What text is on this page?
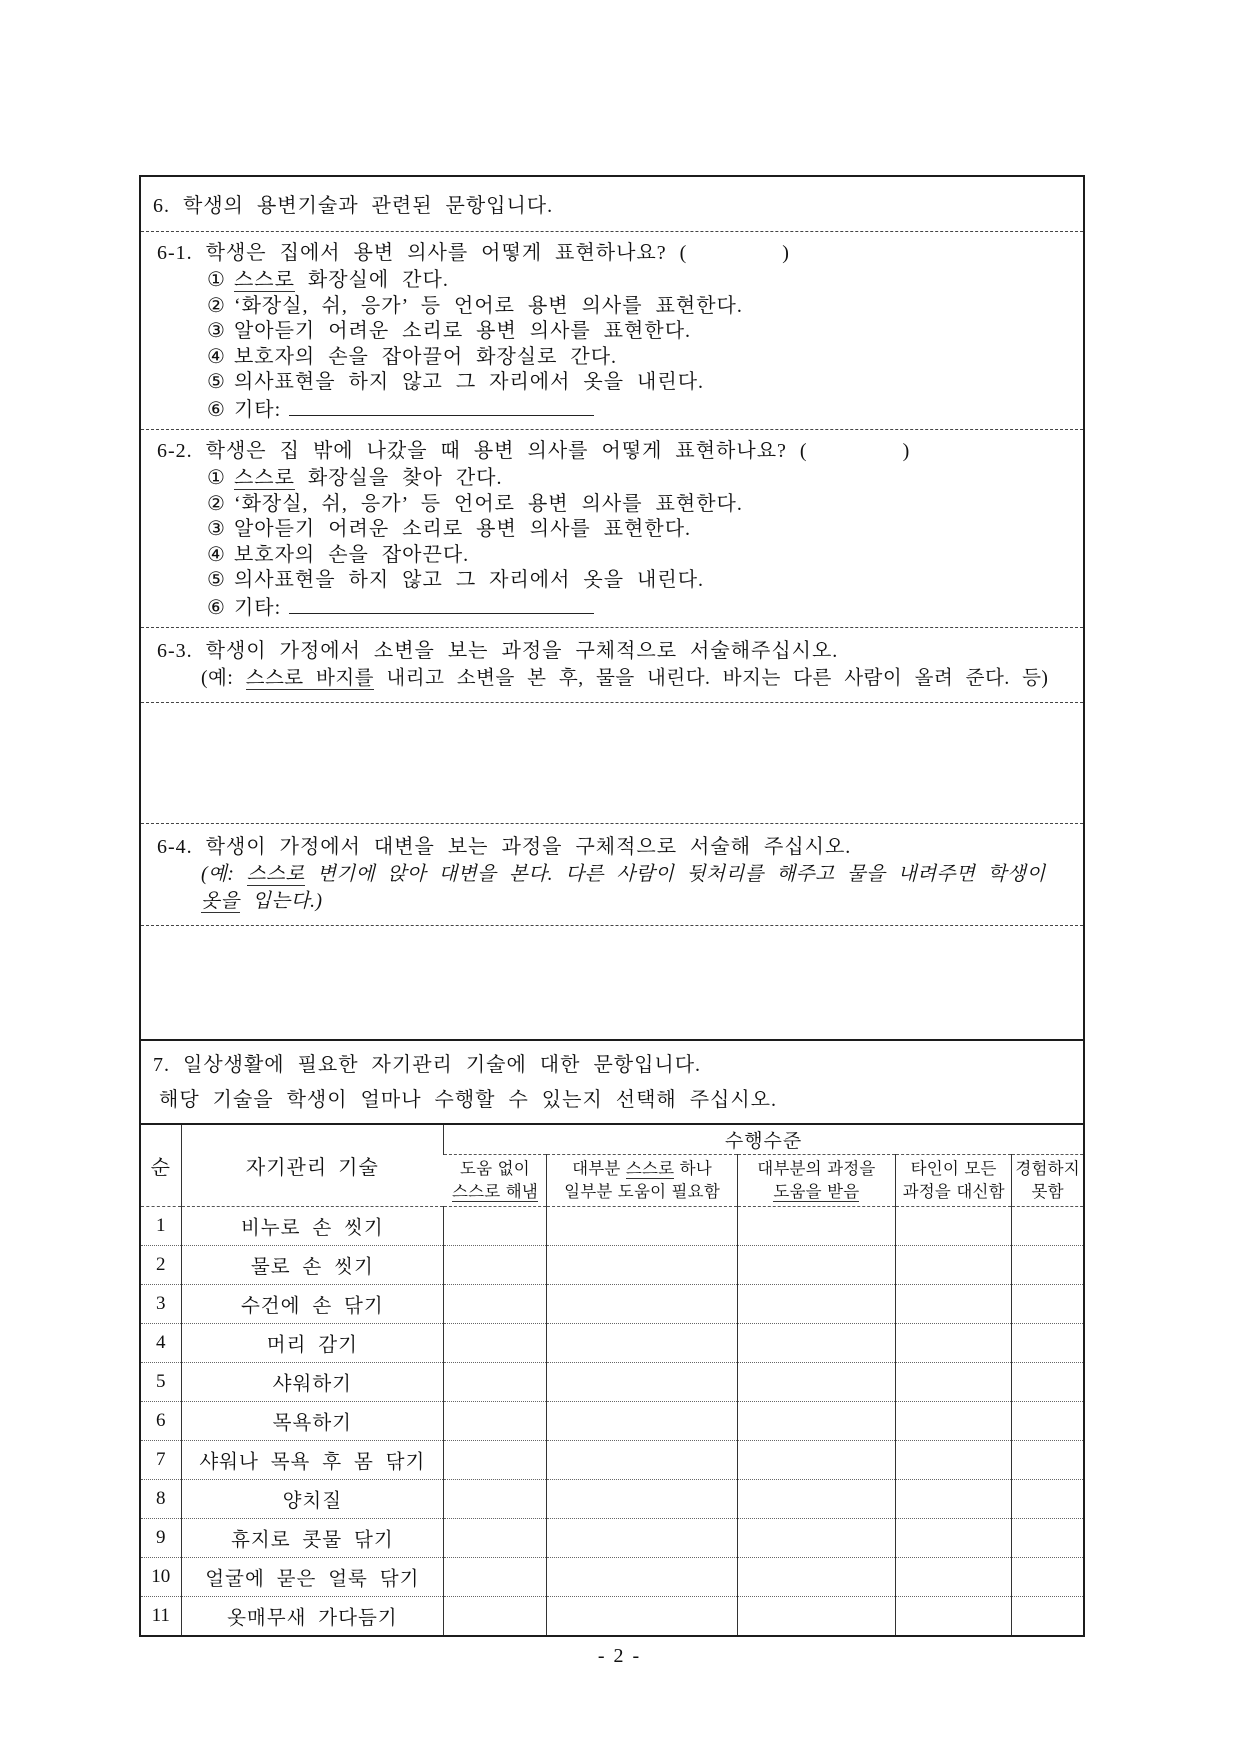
6. 학생의 용변기술과 관련된 문항입니다.
6-1. 학생은 집에서 용변 의사를 어떻게 표현하나요? (        )
① 스스로 화장실에 간다.
② ‘화장실, 쉬, 응가’ 등 언어로 용변 의사를 표현한다.
③ 알아듣기 어려운 소리로 용변 의사를 표현한다.
④ 보호자의 손을 잡아끌어 화장실로 간다.
⑤ 의사표현을 하지 않고 그 자리에서 옷을 내린다.
⑥ 기타:
6-2. 학생은 집 밖에 나갔을 때 용변 의사를 어떻게 표현하나요? (        )
① 스스로 화장실을 찾아 간다.
② ‘화장실, 쉬, 응가’ 등 언어로 용변 의사를 표현한다.
③ 알아듣기 어려운 소리로 용변 의사를 표현한다.
④ 보호자의 손을 잡아끈다.
⑤ 의사표현을 하지 않고 그 자리에서 옷을 내린다.
⑥ 기타:
6-3. 학생이 가정에서 소변을 보는 과정을 구체적으로 서술해주십시오.
(예: 스스로 바지를 내리고 소변을 본 후, 물을 내린다. 바지는 다른 사람이 올려 준다. 등)
6-4. 학생이 가정에서 대변을 보는 과정을 구체적으로 서술해 주십시오.
(예: 스스로 변기에 앉아 대변을 본다. 다른 사람이 뒷처리를 해주고 물을 내려주면 학생이 옷을 입는다.)
7. 일상생활에 필요한 자기관리 기술에 대한 문항입니다.
해당 기술을 학생이 얼마나 수행할 수 있는지 선택해 주십시오.
순	자기관리 기술	수행수준				

도움 없이
스스로 해냄

대부분 스스로 하나
일부분 도움이 필요함

대부분의 과정을
도움을 받음

타인이 모든
과정을 대신함

경험하지
못함

1	비누로 손 씻기					
2	물로 손 씻기					
3	수건에 손 닦기					
4	머리 감기					
5	샤워하기					
6	목욕하기					
7	샤워나 목욕 후 몸 닦기					
8	양치질					
9	휴지로 콧물 닦기					
10	얼굴에 묻은 얼룩 닦기					
11	옷매무새 가다듬기					
- 2 -
